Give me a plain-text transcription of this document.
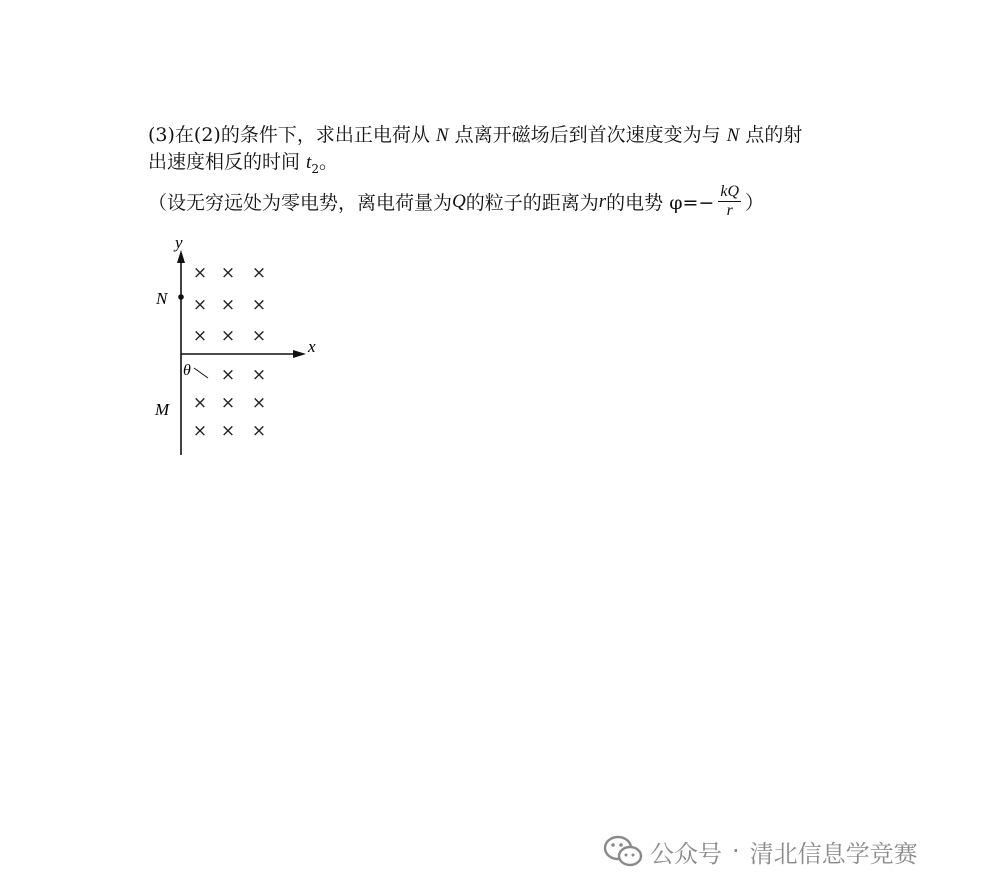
(3)在(2)的条件下，求出正电荷从 N 点离开磁场后到首次速度变为与 N 点的射
出速度相反的时间 $t_2$。
（设无穷远处为零电势，离电荷量为 Q 的粒子的距离为 r 的电势 $\varphi=- \frac{kQ}{r}$ ）
y
x
N
M
θ
× × ×
× × ×
× × ×
× ×
× × ×
× × ×
公众号 · 清北信息学竞赛
